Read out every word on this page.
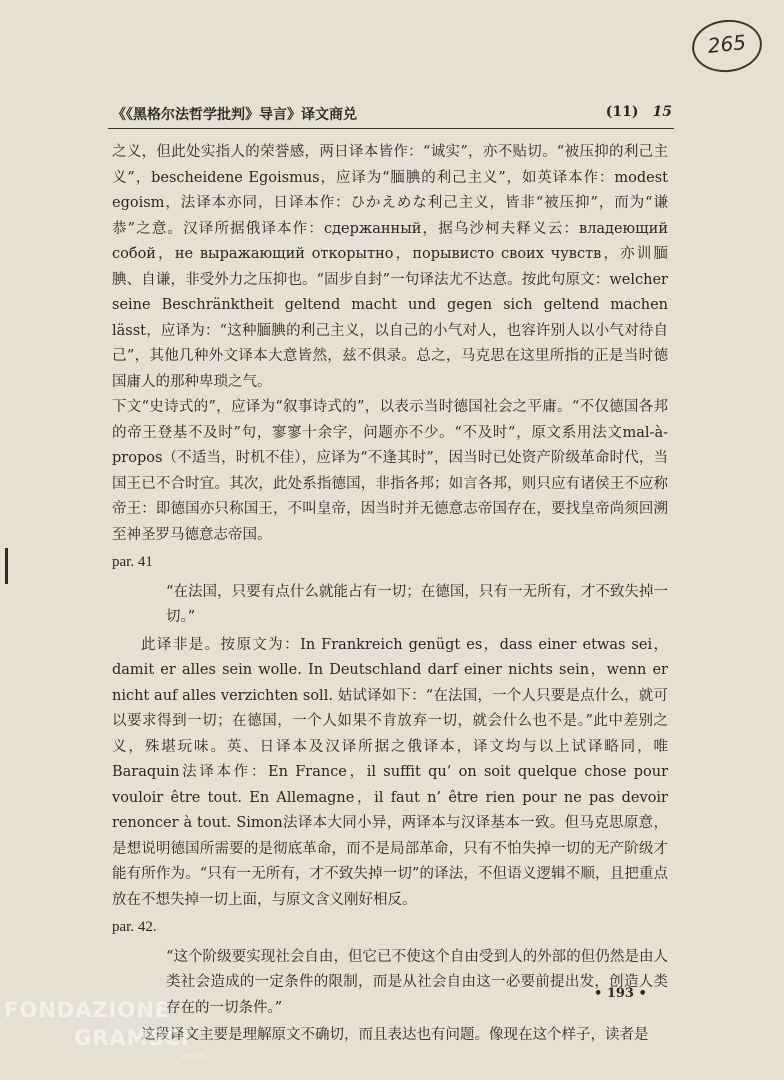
265
《《黑格尔法哲学批判》导言》译文商兑	(11) 15

之义，但此处实指人的荣誉感，两日译本皆作：“诚实”，亦不贴切。“被压抑的利己主义”，bescheidene Egoismus，应译为“腼腆的利己主义”，如英译本作：modest egoism，法译本亦同，日译本作：ひかえめな利己主义，皆非“被压抑”，而为“谦恭”之意。汉译所据俄译本作：сдержанный，据乌沙柯夫释义云：владеющий собой，не выражающий откорытно，порывисто своих чувств，亦训腼腆、自谦，非受外力之压抑也。“固步自封”一句译法尤不达意。按此句原文：welcher seine Beschränktheit geltend macht und gegen sich geltend machen lässt，应译为：“这种腼腆的利己主义，以自己的小气对人，也容许别人以小气对待自己”，其他几种外文译本大意皆然，兹不俱录。总之，马克思在这里所指的正是当时德国庸人的那种卑琐之气。

下文“史诗式的”，应译为“叙事诗式的”，以表示当时德国社会之平庸。“不仅德国各邦的帝王登基不及时”句，寥寥十余字，问题亦不少。“不及时”，原文系用法文mal-à-propos（不适当，时机不佳），应译为“不逢其时”，因当时已处资产阶级革命时代，当国王已不合时宜。其次，此处系指德国，非指各邦；如言各邦，则只应有诸侯王不应称帝王：即德国亦只称国王，不叫皇帝，因当时并无德意志帝国存在，要找皇帝尚须回溯至神圣罗马德意志帝国。

par. 41

“在法国，只要有点什么就能占有一切；在德国，只有一无所有，才不致失掉一切。”

此译非是。按原文为：In Frankreich genügt es，dass einer etwas sei，damit er alles sein wolle. In Deutschland darf einer nichts sein，wenn er nicht auf alles verzichten soll. 姑试译如下：“在法国，一个人只要是点什么，就可以要求得到一切；在德国，一个人如果不肯放弃一切，就会什么也不是。”此中差别之义，殊堪玩味。英、日译本及汉译所据之俄译本，译文均与以上试译略同，唯Baraquin法译本作：En France，il suffit qu’ on soit quelque chose pour vouloir être tout. En Allemagne，il faut n’ être rien pour ne pas devoir renoncer à tout. Simon法译本大同小异，两译本与汉译基本一致。但马克思原意，是想说明德国所需要的是彻底革命，而不是局部革命，只有不怕失掉一切的无产阶级才能有所作为。“只有一无所有，才不致失掉一切”的译法，不但语义逻辑不顺，且把重点放在不想失掉一切上面，与原文含义刚好相反。

par. 42.

“这个阶级要实现社会自由，但它已不使这个自由受到人的外部的但仍然是由人类社会造成的一定条件的限制，而是从社会自由这一必要前提出发，创造人类存在的一切条件。”

这段译文主要是理解原文不确切，而且表达也有问题。像现在这个样子，读者是

• 193 •
FONDAZIONE
GRAMSCI
onlus
